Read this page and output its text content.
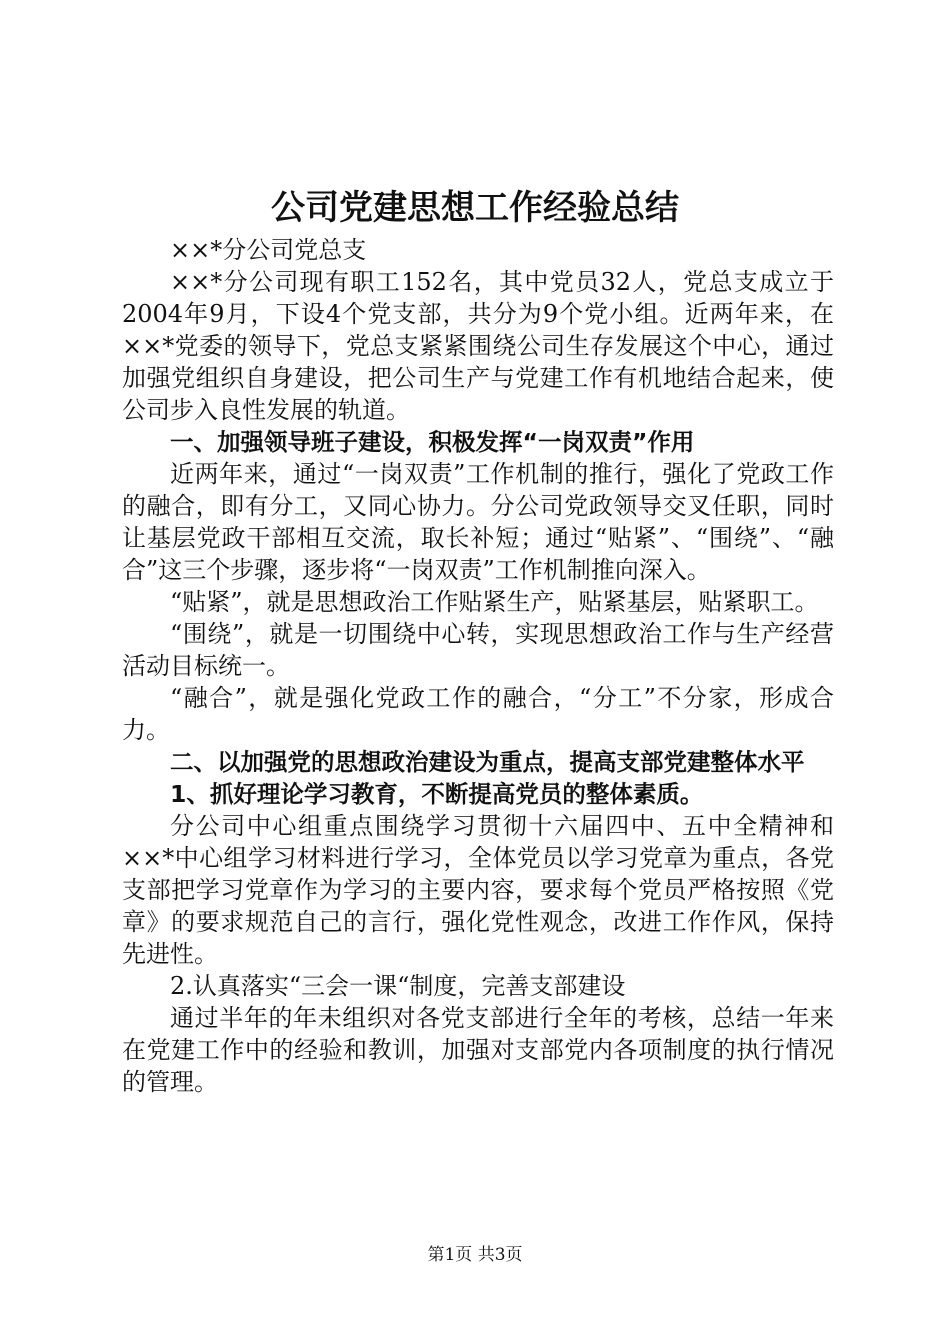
公司党建思想工作经验总结

××*分公司党总支

××*分公司现有职工152名，其中党员32人，党总支成立于2004年9月，下设4个党支部，共分为9个党小组。近两年来，在××*党委的领导下，党总支紧紧围绕公司生存发展这个中心，通过加强党组织自身建设，把公司生产与党建工作有机地结合起来，使公司步入良性发展的轨道。

一、加强领导班子建设，积极发挥“一岗双责”作用

近两年来，通过“一岗双责”工作机制的推行，强化了党政工作的融合，即有分工，又同心协力。分公司党政领导交叉任职，同时让基层党政干部相互交流，取长补短；通过“贴紧”、“围绕”、“融合”这三个步骤，逐步将“一岗双责”工作机制推向深入。

“贴紧”，就是思想政治工作贴紧生产，贴紧基层，贴紧职工。

“围绕”，就是一切围绕中心转，实现思想政治工作与生产经营活动目标统一。

“融合”，就是强化党政工作的融合，“分工”不分家，形成合力。

二、以加强党的思想政治建设为重点，提高支部党建整体水平

1、抓好理论学习教育，不断提高党员的整体素质。

分公司中心组重点围绕学习贯彻十六届四中、五中全精神和××*中心组学习材料进行学习，全体党员以学习党章为重点，各党支部把学习党章作为学习的主要内容，要求每个党员严格按照《党章》的要求规范自己的言行，强化党性观念，改进工作作风，保持先进性。

2.认真落实“三会一课“制度，完善支部建设

通过半年的年未组织对各党支部进行全年的考核，总结一年来在党建工作中的经验和教训，加强对支部党内各项制度的执行情况的管理。

第1页 共3页
